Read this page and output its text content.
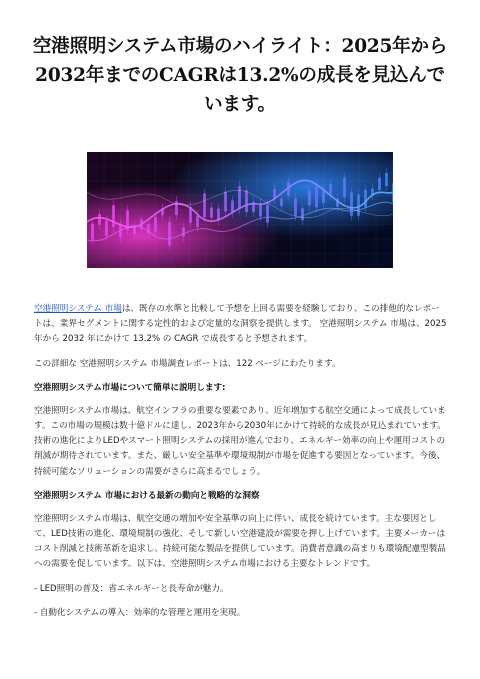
空港照明システム市場のハイライト：2025年から2032年までのCAGRは13.2%の成長を見込んでいます。

空港照明システム 市場は、既存の水準と比較して予想を上回る需要を経験しており、この排他的なレポートは、業界セグメントに関する定性的および定量的な洞察を提供します。 空港照明システム 市場は、2025 年から 2032 年にかけて 13.2% の CAGR で成長すると予想されます。

この詳細な 空港照明システム 市場調査レポートは、122 ページにわたります。

空港照明システム市場について簡単に説明します:

空港照明システム市場は、航空インフラの重要な要素であり、近年増加する航空交通によって成長しています。この市場の規模は数十億ドルに達し、2023年から2030年にかけて持続的な成長が見込まれています。技術の進化によりLEDやスマート照明システムの採用が進んでおり、エネルギー効率の向上や運用コストの削減が期待されています。また、厳しい安全基準や環境規制が市場を促進する要因となっています。今後、持続可能なソリューションの需要がさらに高まるでしょう。

空港照明システム 市場における最新の動向と戦略的な洞察

空港照明システム市場は、航空交通の増加や安全基準の向上に伴い、成長を続けています。主な要因として、LED技術の進化、環境規制の強化、そして新しい空港建設が需要を押し上げています。主要メーカーはコスト削減と技術革新を追求し、持続可能な製品を提供しています。消費者意識の高まりも環境配慮型製品への需要を促しています。以下は、空港照明システム市場における主要なトレンドです。

- LED照明の普及：省エネルギーと長寿命が魅力。

- 自動化システムの導入：効率的な管理と運用を実現。
